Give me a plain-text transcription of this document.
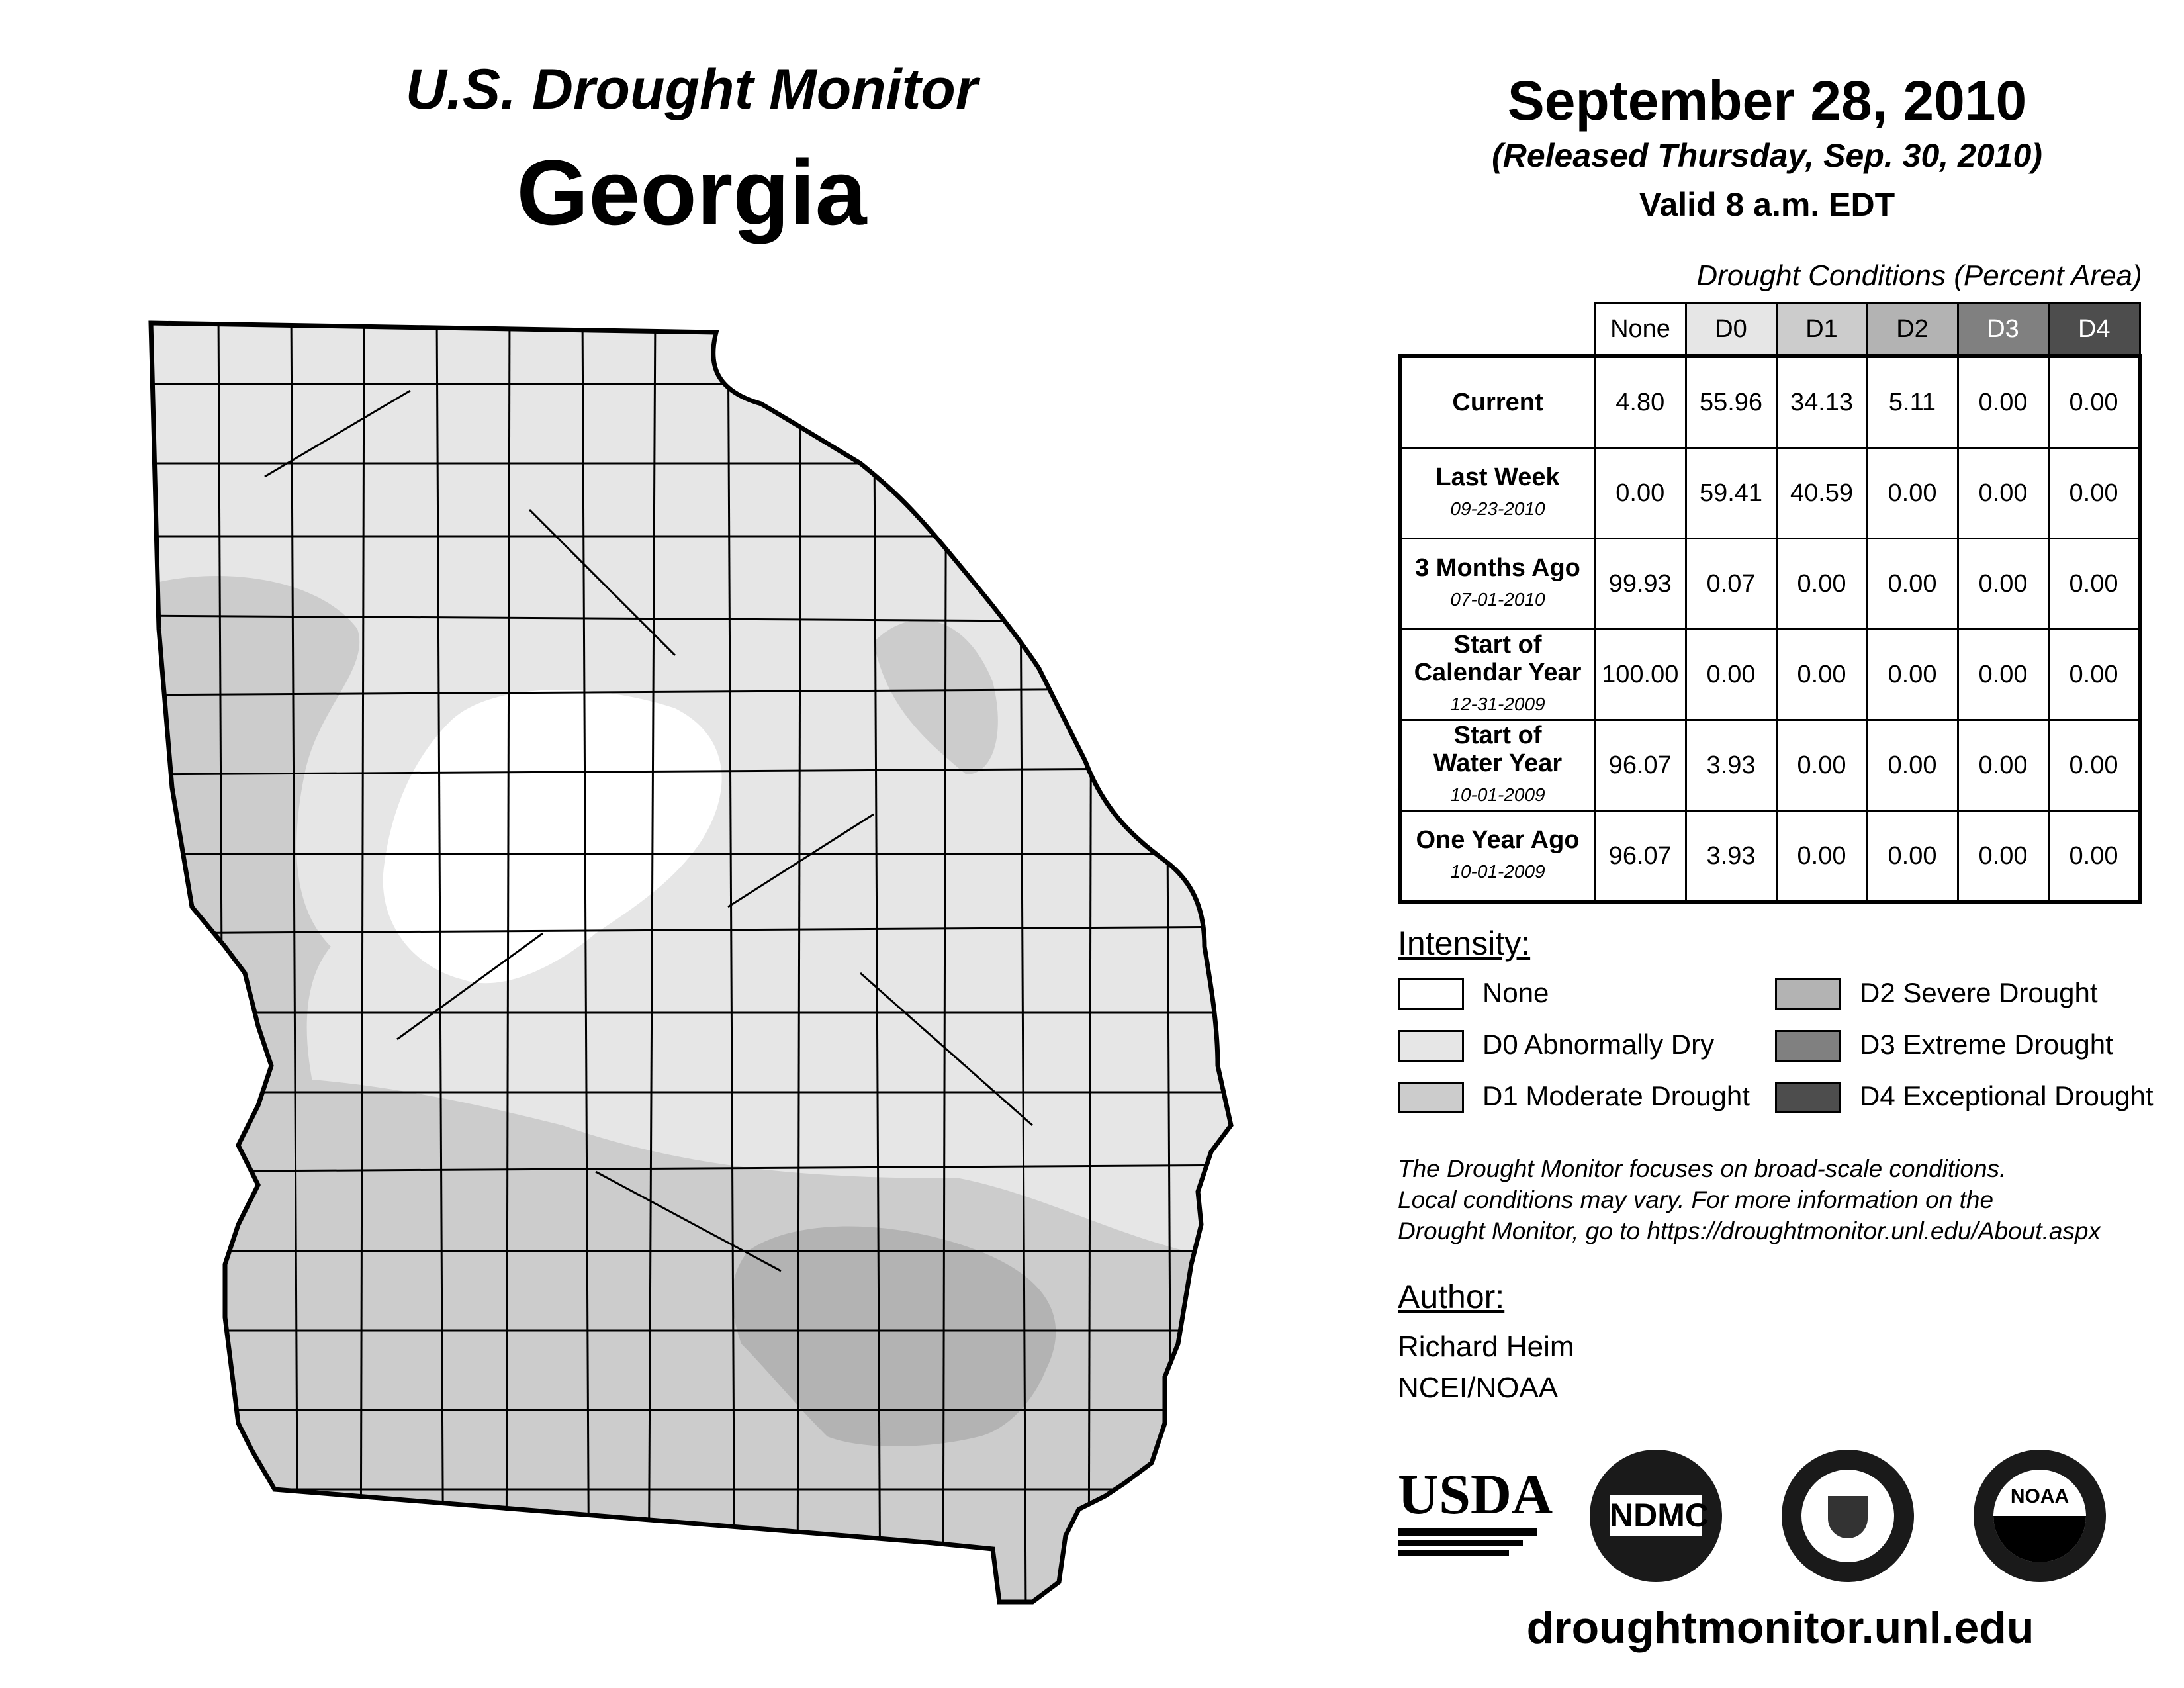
U.S. Drought Monitor
Georgia
September 28, 2010
(Released Thursday, Sep. 30, 2010)
Valid 8 a.m. EDT
Drought Conditions (Percent Area)
	None	D0	D1	D2	D3	D4

Current	4.80	55.96	34.13	5.11	0.00	0.00

Last Week
09-23-2010	0.00	59.41	40.59	0.00	0.00	0.00

3 Months Ago
07-01-2010	99.93	0.07	0.00	0.00	0.00	0.00

Start of
Calendar Year
12-31-2009	100.00	0.00	0.00	0.00	0.00	0.00

Start of
Water Year
10-01-2009	96.07	3.93	0.00	0.00	0.00	0.00

One Year Ago
10-01-2009	96.07	3.93	0.00	0.00	0.00	0.00
Intensity:
None
D0 Abnormally Dry
D1 Moderate Drought
D2 Severe Drought
D3 Extreme Drought
D4 Exceptional Drought
The Drought Monitor focuses on broad-scale conditions.
Local conditions may vary. For more information on the
Drought Monitor, go to https://droughtmonitor.unl.edu/About.aspx
Author:
Richard Heim
NCEI/NOAA
USDA NDMC
NOAA
droughtmonitor.unl.edu
